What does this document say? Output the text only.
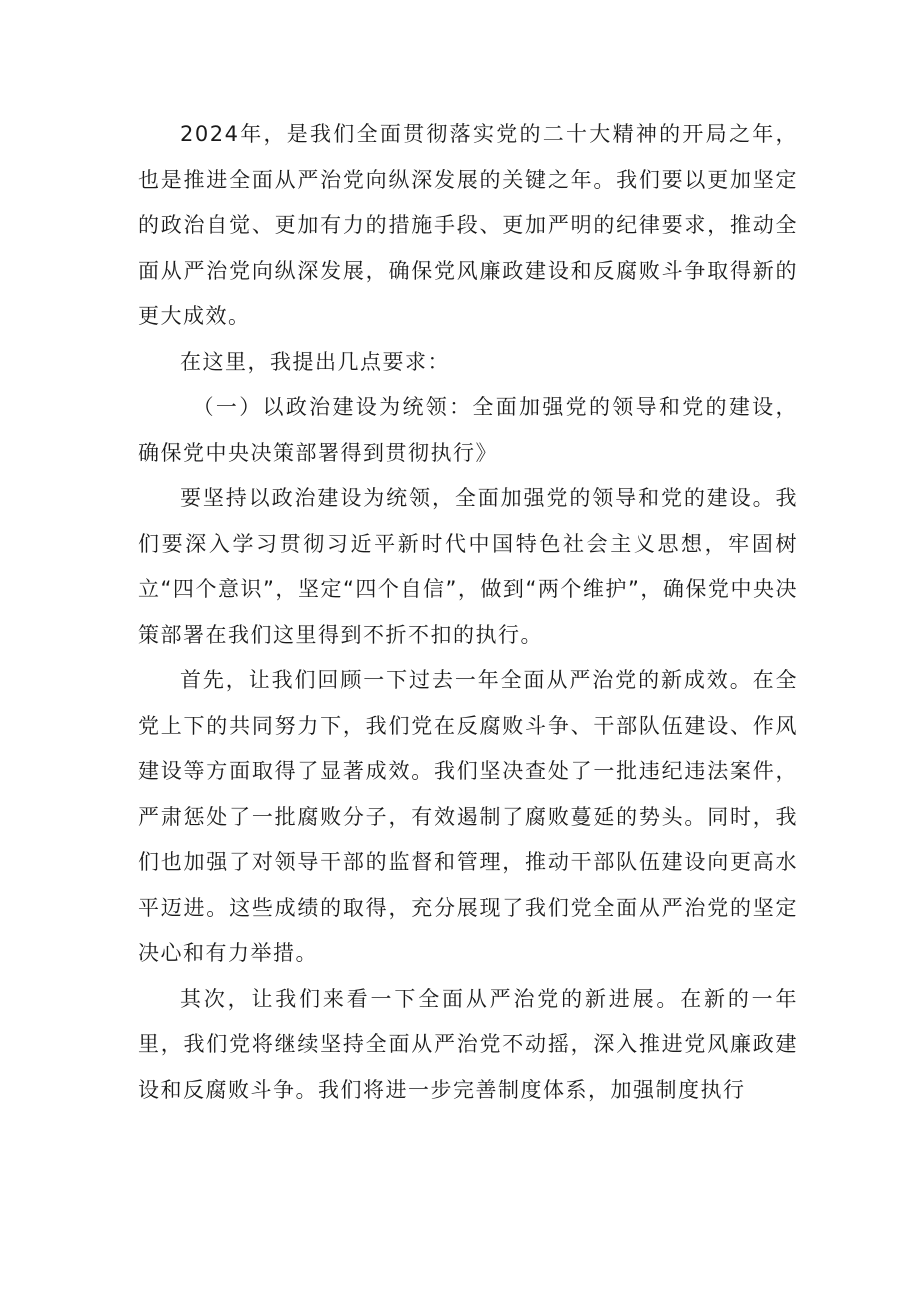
2024年，是我们全面贯彻落实党的二十大精神的开局之年，也是推进全面从严治党向纵深发展的关键之年。我们要以更加坚定的政治自觉、更加有力的措施手段、更加严明的纪律要求，推动全面从严治党向纵深发展，确保党风廉政建设和反腐败斗争取得新的更大成效。

在这里，我提出几点要求：

（一）以政治建设为统领：全面加强党的领导和党的建设，确保党中央决策部署得到贯彻执行》

要坚持以政治建设为统领，全面加强党的领导和党的建设。我们要深入学习贯彻习近平新时代中国特色社会主义思想，牢固树立“四个意识”，坚定“四个自信”，做到“两个维护”，确保党中央决策部署在我们这里得到不折不扣的执行。

首先，让我们回顾一下过去一年全面从严治党的新成效。在全党上下的共同努力下，我们党在反腐败斗争、干部队伍建设、作风建设等方面取得了显著成效。我们坚决查处了一批违纪违法案件，严肃惩处了一批腐败分子，有效遏制了腐败蔓延的势头。同时，我们也加强了对领导干部的监督和管理，推动干部队伍建设向更高水平迈进。这些成绩的取得，充分展现了我们党全面从严治党的坚定决心和有力举措。

其次，让我们来看一下全面从严治党的新进展。在新的一年里，我们党将继续坚持全面从严治党不动摇，深入推进党风廉政建设和反腐败斗争。我们将进一步完善制度体系，加强制度执行
